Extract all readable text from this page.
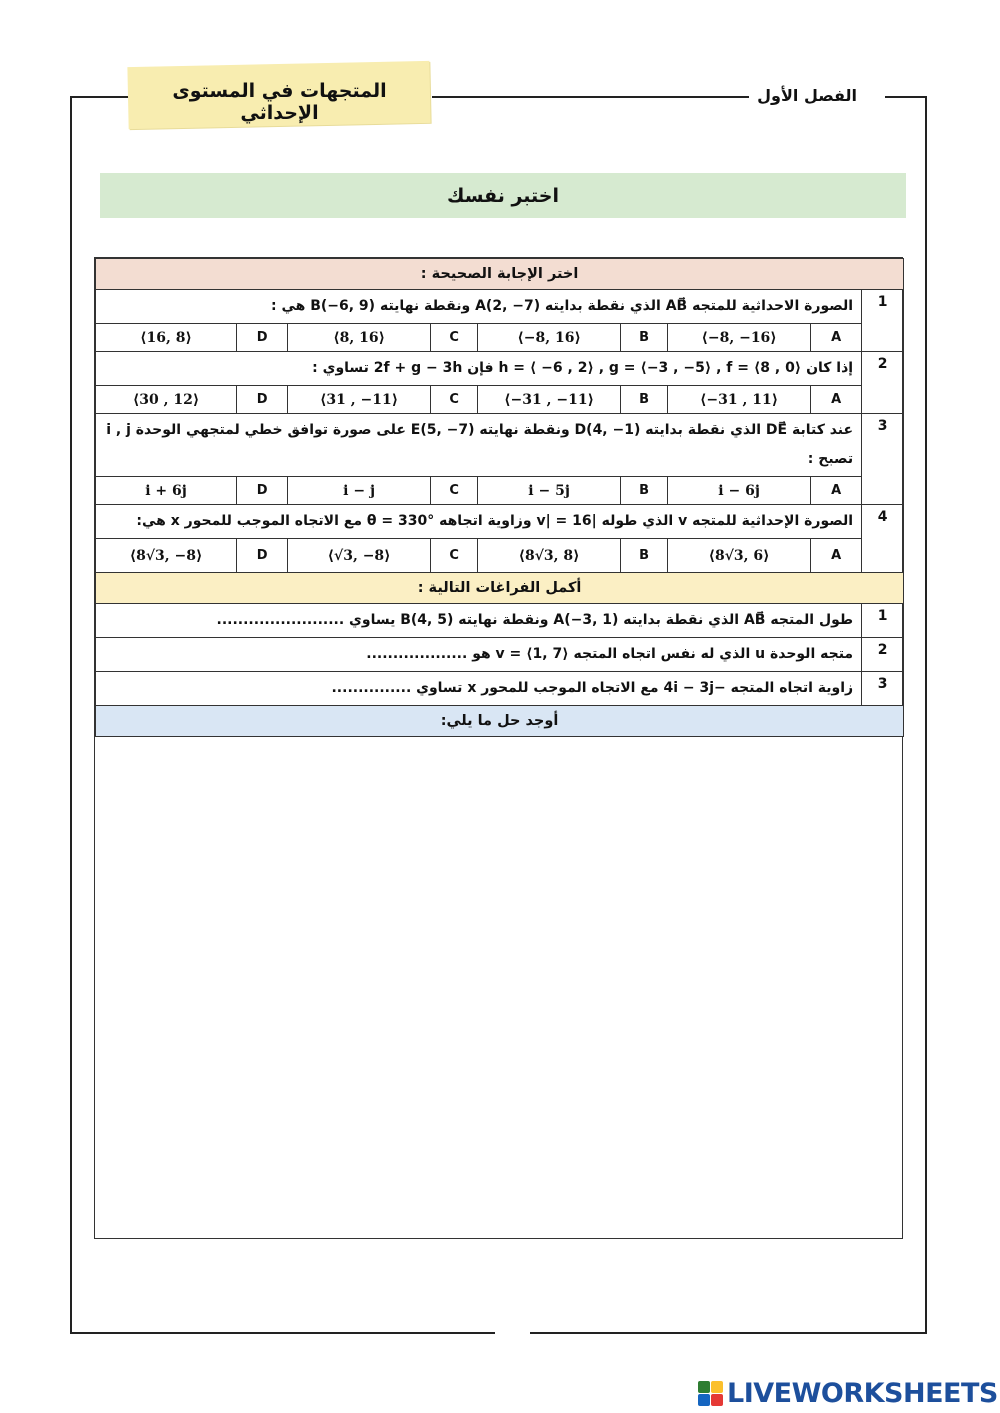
الفصل الأول
المتجهات في المستوى الإحداثي
اختبر نفسك
اختر الإجابة الصحيحة :								
1	الصورة الاحداثية للمتجه AB⃗ الذي نقطة بدايته A(2, −7) ونقطة نهايته B(−6, 9) هي :							
	A	⟨−8, −16⟩	B	⟨−8, 16⟩	C	⟨8, 16⟩	D	⟨16, 8⟩
2	إذا كان h = ⟨ −6 , 2⟩ , g = ⟨−3 , −5⟩ , f = ⟨8 , 0⟩ فإن 2f + g − 3h تساوي :							
	A	⟨−31 , 11⟩	B	⟨−31 , −11⟩	C	⟨31 , −11⟩	D	⟨30 , 12⟩
3	عند كتابة DE⃗ الذي نقطة بدايته D(4, −1) ونقطة نهايته E(5, −7) على صورة توافق خطي لمتجهي الوحدة i , j تصبح :							
	A	i − 6j	B	i − 5j	C	i − j	D	i + 6j
4	الصورة الإحداثية للمتجه v الذي طوله |v| = 16 وزاوية اتجاهه θ = 330° مع الاتجاه الموجب للمحور x هي:							
	A	⟨8√3, 6⟩	B	⟨8√3, 8⟩	C	⟨√3, −8⟩	D	⟨8√3, −8⟩
أكمل الفراغات التالية :								
1	طول المتجه AB⃗ الذي نقطة بدايته A(−3, 1) ونقطة نهايته B(4, 5) يساوي ........................							
2	متجه الوحدة u الذي له نفس اتجاه المتجه v = ⟨1, 7⟩ هو ...................							
3	زاوية اتجاه المتجه −4i − 3j مع الاتجاه الموجب للمحور x تساوي ...............							
أوجد حل ما يلي:								

LIVEWORKSHEETS
